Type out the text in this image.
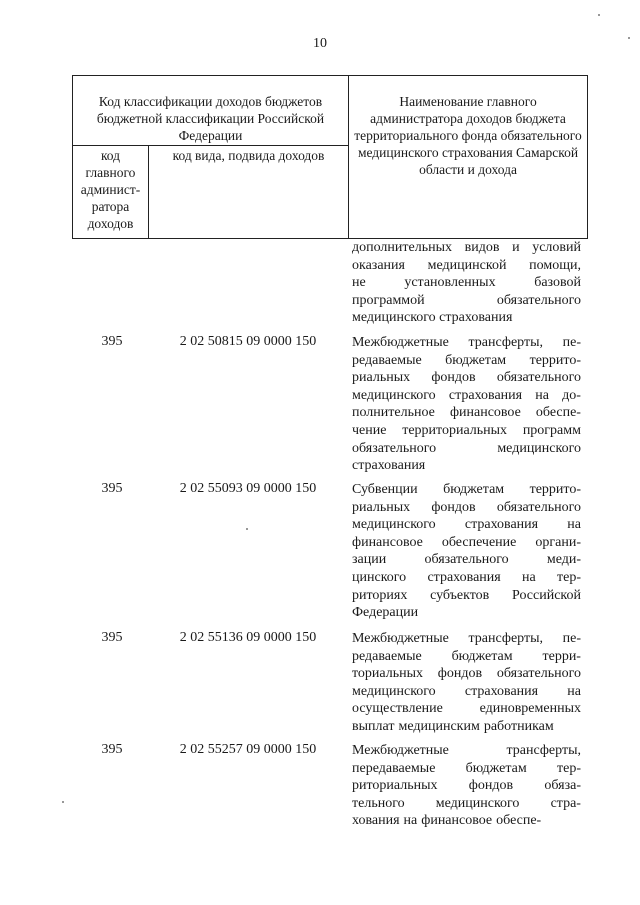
10
Код классификации доходов бюджетов бюджетной классификации Российской Федерации		Наименование главного администратора доходов бюджета территориального фонда обязательного медицинского страхования Самарской области и дохода
код главного админист-ратора доходов	код вида, подвида доходов	
дополнительных видов и условий
оказания медицинской помощи,
не	установленных	базовой
программой	обязательного
медицинского страхования
395	2 02 50815 09 0000 150	Межбюджетные трансферты, пе-
редаваемые бюджетам террито-
риальных фондов обязательного
медицинского страхования на до-
полнительное финансовое обеспе-
чение территориальных программ
обязательного	медицинского
страхования
395	2 02 55093 09 0000 150	Субвенции бюджетам террито-
риальных фондов обязательного
медицинского страхования на
финансовое обеспечение органи-
зации	обязательного	меди-
цинского страхования на тер-
риториях субъектов Российской
Федерации
395	2 02 55136 09 0000 150	Межбюджетные трансферты, пе-
редаваемые бюджетам терри-
ториальных фондов обязательного
медицинского страхования на
осуществление	единовременных
выплат медицинским работникам
395	2 02 55257 09 0000 150	Межбюджетные	трансферты,
передаваемые бюджетам тер-
риториальных фондов обяза-
тельного медицинского стра-
хования на финансовое обеспе-
